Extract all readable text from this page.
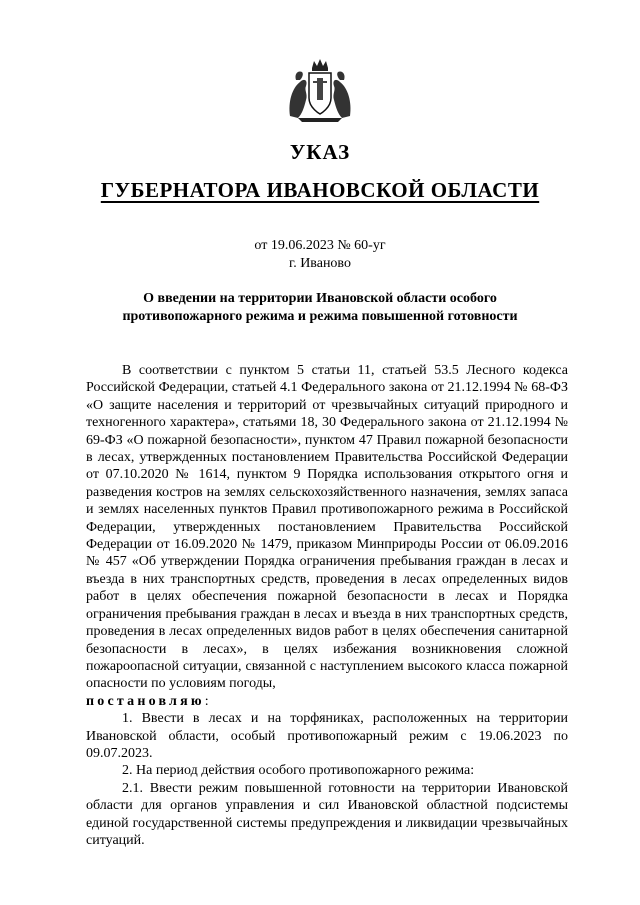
УКАЗ
ГУБЕРНАТОРА ИВАНОВСКОЙ ОБЛАСТИ
от 19.06.2023 № 60-уг
г. Иваново
О введении на территории Ивановской области особого противопожарного режима и режима повышенной готовности

В соответствии с пунктом 5 статьи 11, статьей 53.5 Лесного кодекса Российской Федерации, статьей 4.1 Федерального закона от 21.12.1994 № 68-ФЗ «О защите населения и территорий от чрезвычайных ситуаций природного и техногенного характера», статьями 18, 30 Федерального закона от 21.12.1994 № 69-ФЗ «О пожарной безопасности», пунктом 47 Правил пожарной безопасности в лесах, утвержденных постановлением Правительства Российской Федерации от 07.10.2020 № 1614, пунктом 9 Порядка использования открытого огня и разведения костров на землях сельскохозяйственного назначения, землях запаса и землях населенных пунктов Правил противопожарного режима в Российской Федерации, утвержденных постановлением Правительства Российской Федерации от 16.09.2020 № 1479, приказом Минприроды России от 06.09.2016 № 457 «Об утверждении Порядка ограничения пребывания граждан в лесах и въезда в них транспортных средств, проведения в лесах определенных видов работ в целях обеспечения пожарной безопасности в лесах и Порядка ограничения пребывания граждан в лесах и въезда в них транспортных средств, проведения в лесах определенных видов работ в целях обеспечения санитарной безопасности в лесах», в целях избежания возникновения сложной пожароопасной ситуации, связанной с наступлением высокого класса пожарной опасности по условиям погоды,

постановляю:

1. Ввести в лесах и на торфяниках, расположенных на территории Ивановской области, особый противопожарный режим с 19.06.2023 по 09.07.2023.

2. На период действия особого противопожарного режима:

2.1. Ввести режим повышенной готовности на территории Ивановской области для органов управления и сил Ивановской областной подсистемы единой государственной системы предупреждения и ликвидации чрезвычайных ситуаций.
